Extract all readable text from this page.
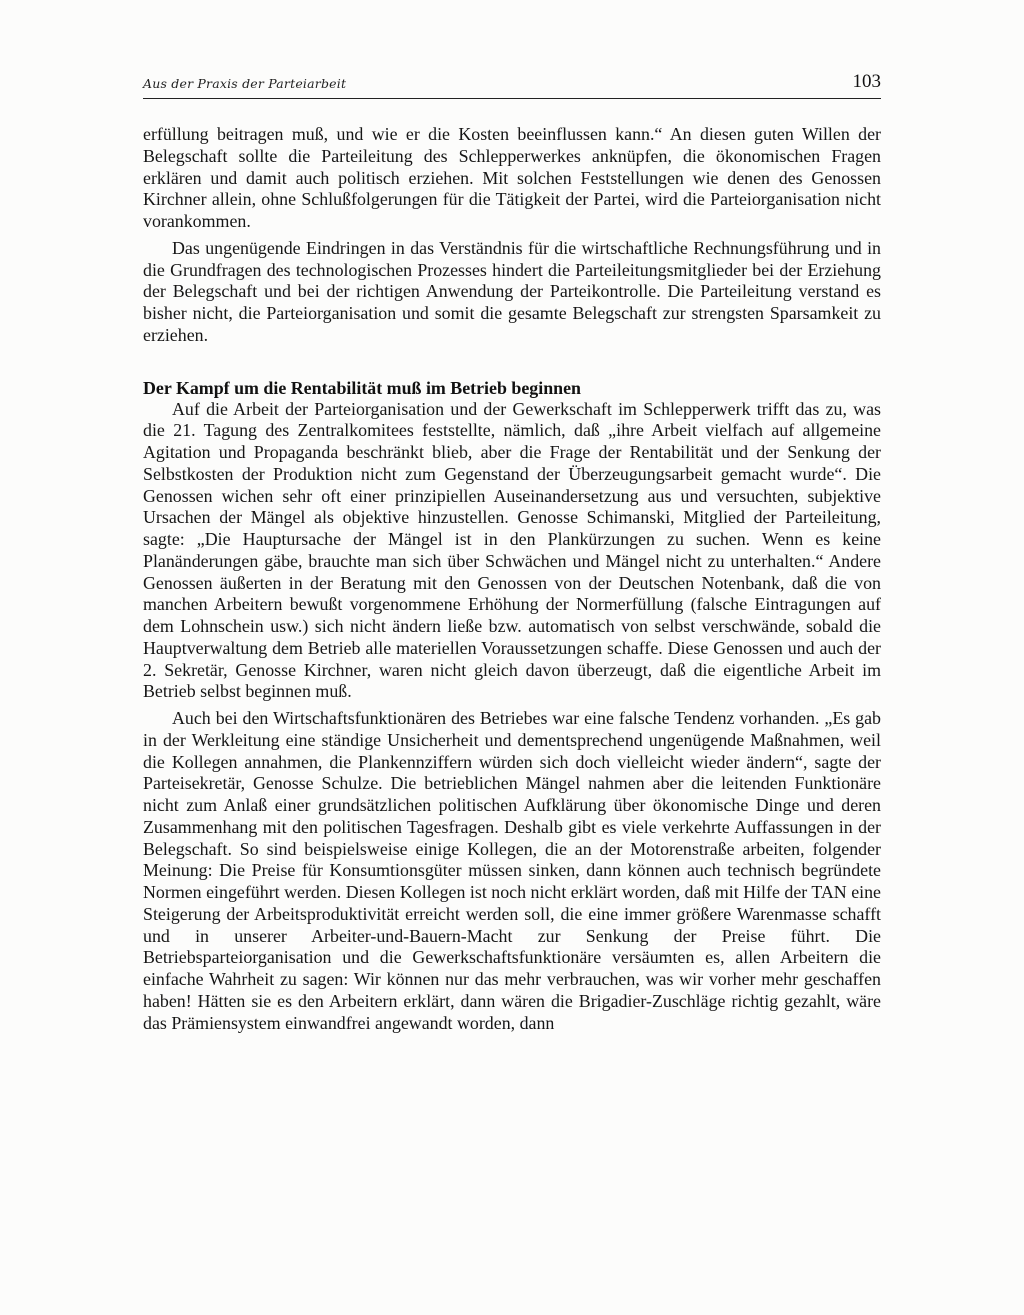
Aus der Praxis der Parteiarbeit	103

erfüllung beitragen muß, und wie er die Kosten beeinflussen kann.“ An diesen guten Willen der Belegschaft sollte die Parteileitung des Schlepperwerkes anknüpfen, die ökonomischen Fragen erklären und damit auch politisch erziehen. Mit solchen Feststellungen wie denen des Genossen Kirchner allein, ohne Schlußfolgerungen für die Tätigkeit der Partei, wird die Parteiorganisation nicht vorankommen.

Das ungenügende Eindringen in das Verständnis für die wirtschaftliche Rechnungsführung und in die Grundfragen des technologischen Prozesses hindert die Parteileitungsmitglieder bei der Erziehung der Belegschaft und bei der richtigen Anwendung der Parteikontrolle. Die Parteileitung verstand es bisher nicht, die Parteiorganisation und somit die gesamte Belegschaft zur strengsten Sparsamkeit zu erziehen.

Der Kampf um die Rentabilität muß im Betrieb beginnen

Auf die Arbeit der Parteiorganisation und der Gewerkschaft im Schlepperwerk trifft das zu, was die 21. Tagung des Zentralkomitees feststellte, nämlich, daß „ihre Arbeit vielfach auf allgemeine Agitation und Propaganda beschränkt blieb, aber die Frage der Rentabilität und der Senkung der Selbstkosten der Produktion nicht zum Gegenstand der Überzeugungsarbeit gemacht wurde“. Die Genossen wichen sehr oft einer prinzipiellen Auseinandersetzung aus und versuchten, subjektive Ursachen der Mängel als objektive hinzustellen. Genosse Schimanski, Mitglied der Parteileitung, sagte: „Die Hauptursache der Mängel ist in den Plankürzungen zu suchen. Wenn es keine Planänderungen gäbe, brauchte man sich über Schwächen und Mängel nicht zu unterhalten.“ Andere Genossen äußerten in der Beratung mit den Genossen von der Deutschen Notenbank, daß die von manchen Arbeitern bewußt vorgenommene Erhöhung der Normerfüllung (falsche Eintragungen auf dem Lohnschein usw.) sich nicht ändern ließe bzw. automatisch von selbst verschwände, sobald die Hauptverwaltung dem Betrieb alle materiellen Voraussetzungen schaffe. Diese Genossen und auch der 2. Sekretär, Genosse Kirchner, waren nicht gleich davon überzeugt, daß die eigentliche Arbeit im Betrieb selbst beginnen muß.

Auch bei den Wirtschaftsfunktionären des Betriebes war eine falsche Tendenz vorhanden. „Es gab in der Werkleitung eine ständige Unsicherheit und dementsprechend ungenügende Maßnahmen, weil die Kollegen annahmen, die Plankennziffern würden sich doch vielleicht wieder ändern“, sagte der Parteisekretär, Genosse Schulze. Die betrieblichen Mängel nahmen aber die leitenden Funktionäre nicht zum Anlaß einer grundsätzlichen politischen Aufklärung über ökonomische Dinge und deren Zusammenhang mit den politischen Tagesfragen. Deshalb gibt es viele verkehrte Auffassungen in der Belegschaft. So sind beispielsweise einige Kollegen, die an der Motorenstraße arbeiten, folgender Meinung: Die Preise für Konsumtionsgüter müssen sinken, dann können auch technisch begründete Normen eingeführt werden. Diesen Kollegen ist noch nicht erklärt worden, daß mit Hilfe der TAN eine Steigerung der Arbeitsproduktivität erreicht werden soll, die eine immer größere Warenmasse schafft und in unserer Arbeiter-und-Bauern-Macht zur Senkung der Preise führt. Die Betriebsparteiorganisation und die Gewerkschaftsfunktionäre versäumten es, allen Arbeitern die einfache Wahrheit zu sagen: Wir können nur das mehr verbrauchen, was wir vorher mehr geschaffen haben! Hätten sie es den Arbeitern erklärt, dann wären die Brigadier-Zuschläge richtig gezahlt, wäre das Prämiensystem einwandfrei angewandt worden, dann
